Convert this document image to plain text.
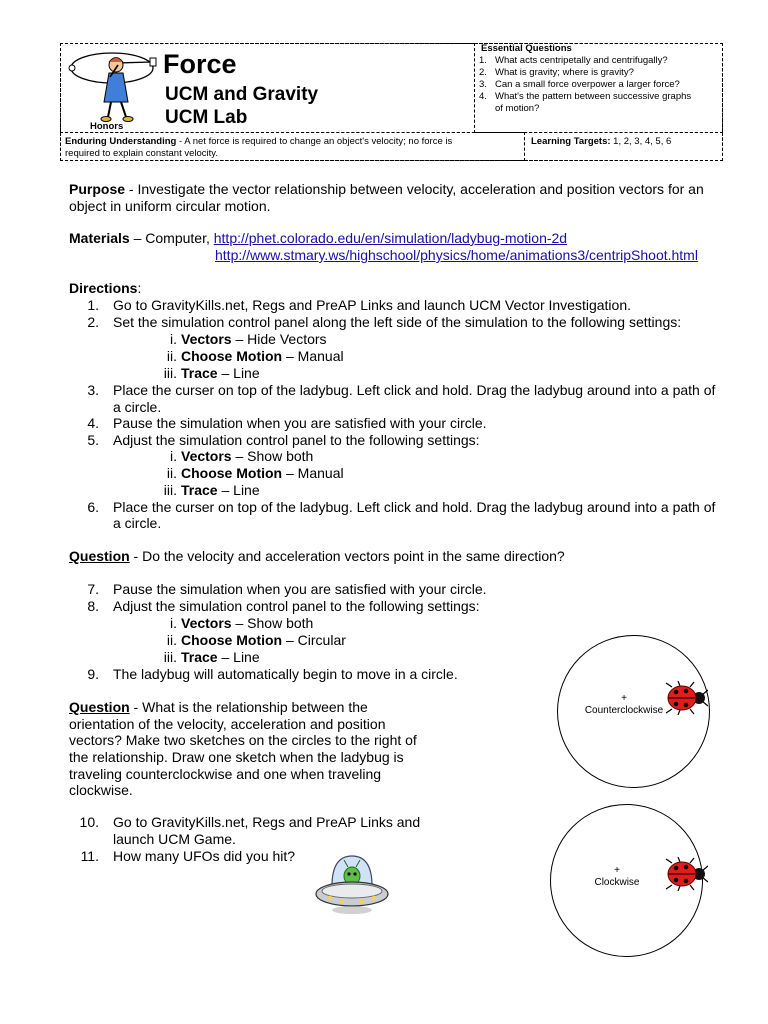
Honors
Force
UCM and Gravity
UCM Lab
Essential Questions
1. What acts centripetally and centrifugally?
2. What is gravity; where is gravity?
3. Can a small force overpower a larger force?
4. What's the pattern between successive graphs
of motion?
Enduring Understanding - A net force is required to change an object's velocity; no force is
required to explain constant velocity.
Learning Targets: 1, 2, 3, 4, 5, 6
Purpose - Investigate the vector relationship between velocity, acceleration and position vectors for an object in uniform circular motion.
Materials – Computer, http://phet.colorado.edu/en/simulation/ladybug-motion-2d
http://www.stmary.ws/highschool/physics/home/animations3/centripShoot.html
Directions:
1. Go to GravityKills.net, Regs and PreAP Links and launch UCM Vector Investigation.
2. Set the simulation control panel along the left side of the simulation to the following settings:
i. Vectors – Hide Vectors
ii. Choose Motion – Manual
iii. Trace – Line
3. Place the curser on top of the ladybug. Left click and hold. Drag the ladybug around into a path of
a circle.
4. Pause the simulation when you are satisfied with your circle.
5. Adjust the simulation control panel to the following settings:
i. Vectors – Show both
ii. Choose Motion – Manual
iii. Trace – Line
6. Place the curser on top of the ladybug. Left click and hold. Drag the ladybug around into a path of
a circle.
Question - Do the velocity and acceleration vectors point in the same direction?
7. Pause the simulation when you are satisfied with your circle.
8. Adjust the simulation control panel to the following settings:
i. Vectors – Show both
ii. Choose Motion – Circular
iii. Trace – Line
9. The ladybug will automatically begin to move in a circle.
Question - What is the relationship between the
orientation of the velocity, acceleration and position
vectors? Make two sketches on the circles to the right of
the relationship. Draw one sketch when the ladybug is
traveling counterclockwise and one when traveling
clockwise.
10. Go to GravityKills.net, Regs and PreAP Links and
launch UCM Game.
11. How many UFOs did you hit?
+
Counterclockwise
+
Clockwise
